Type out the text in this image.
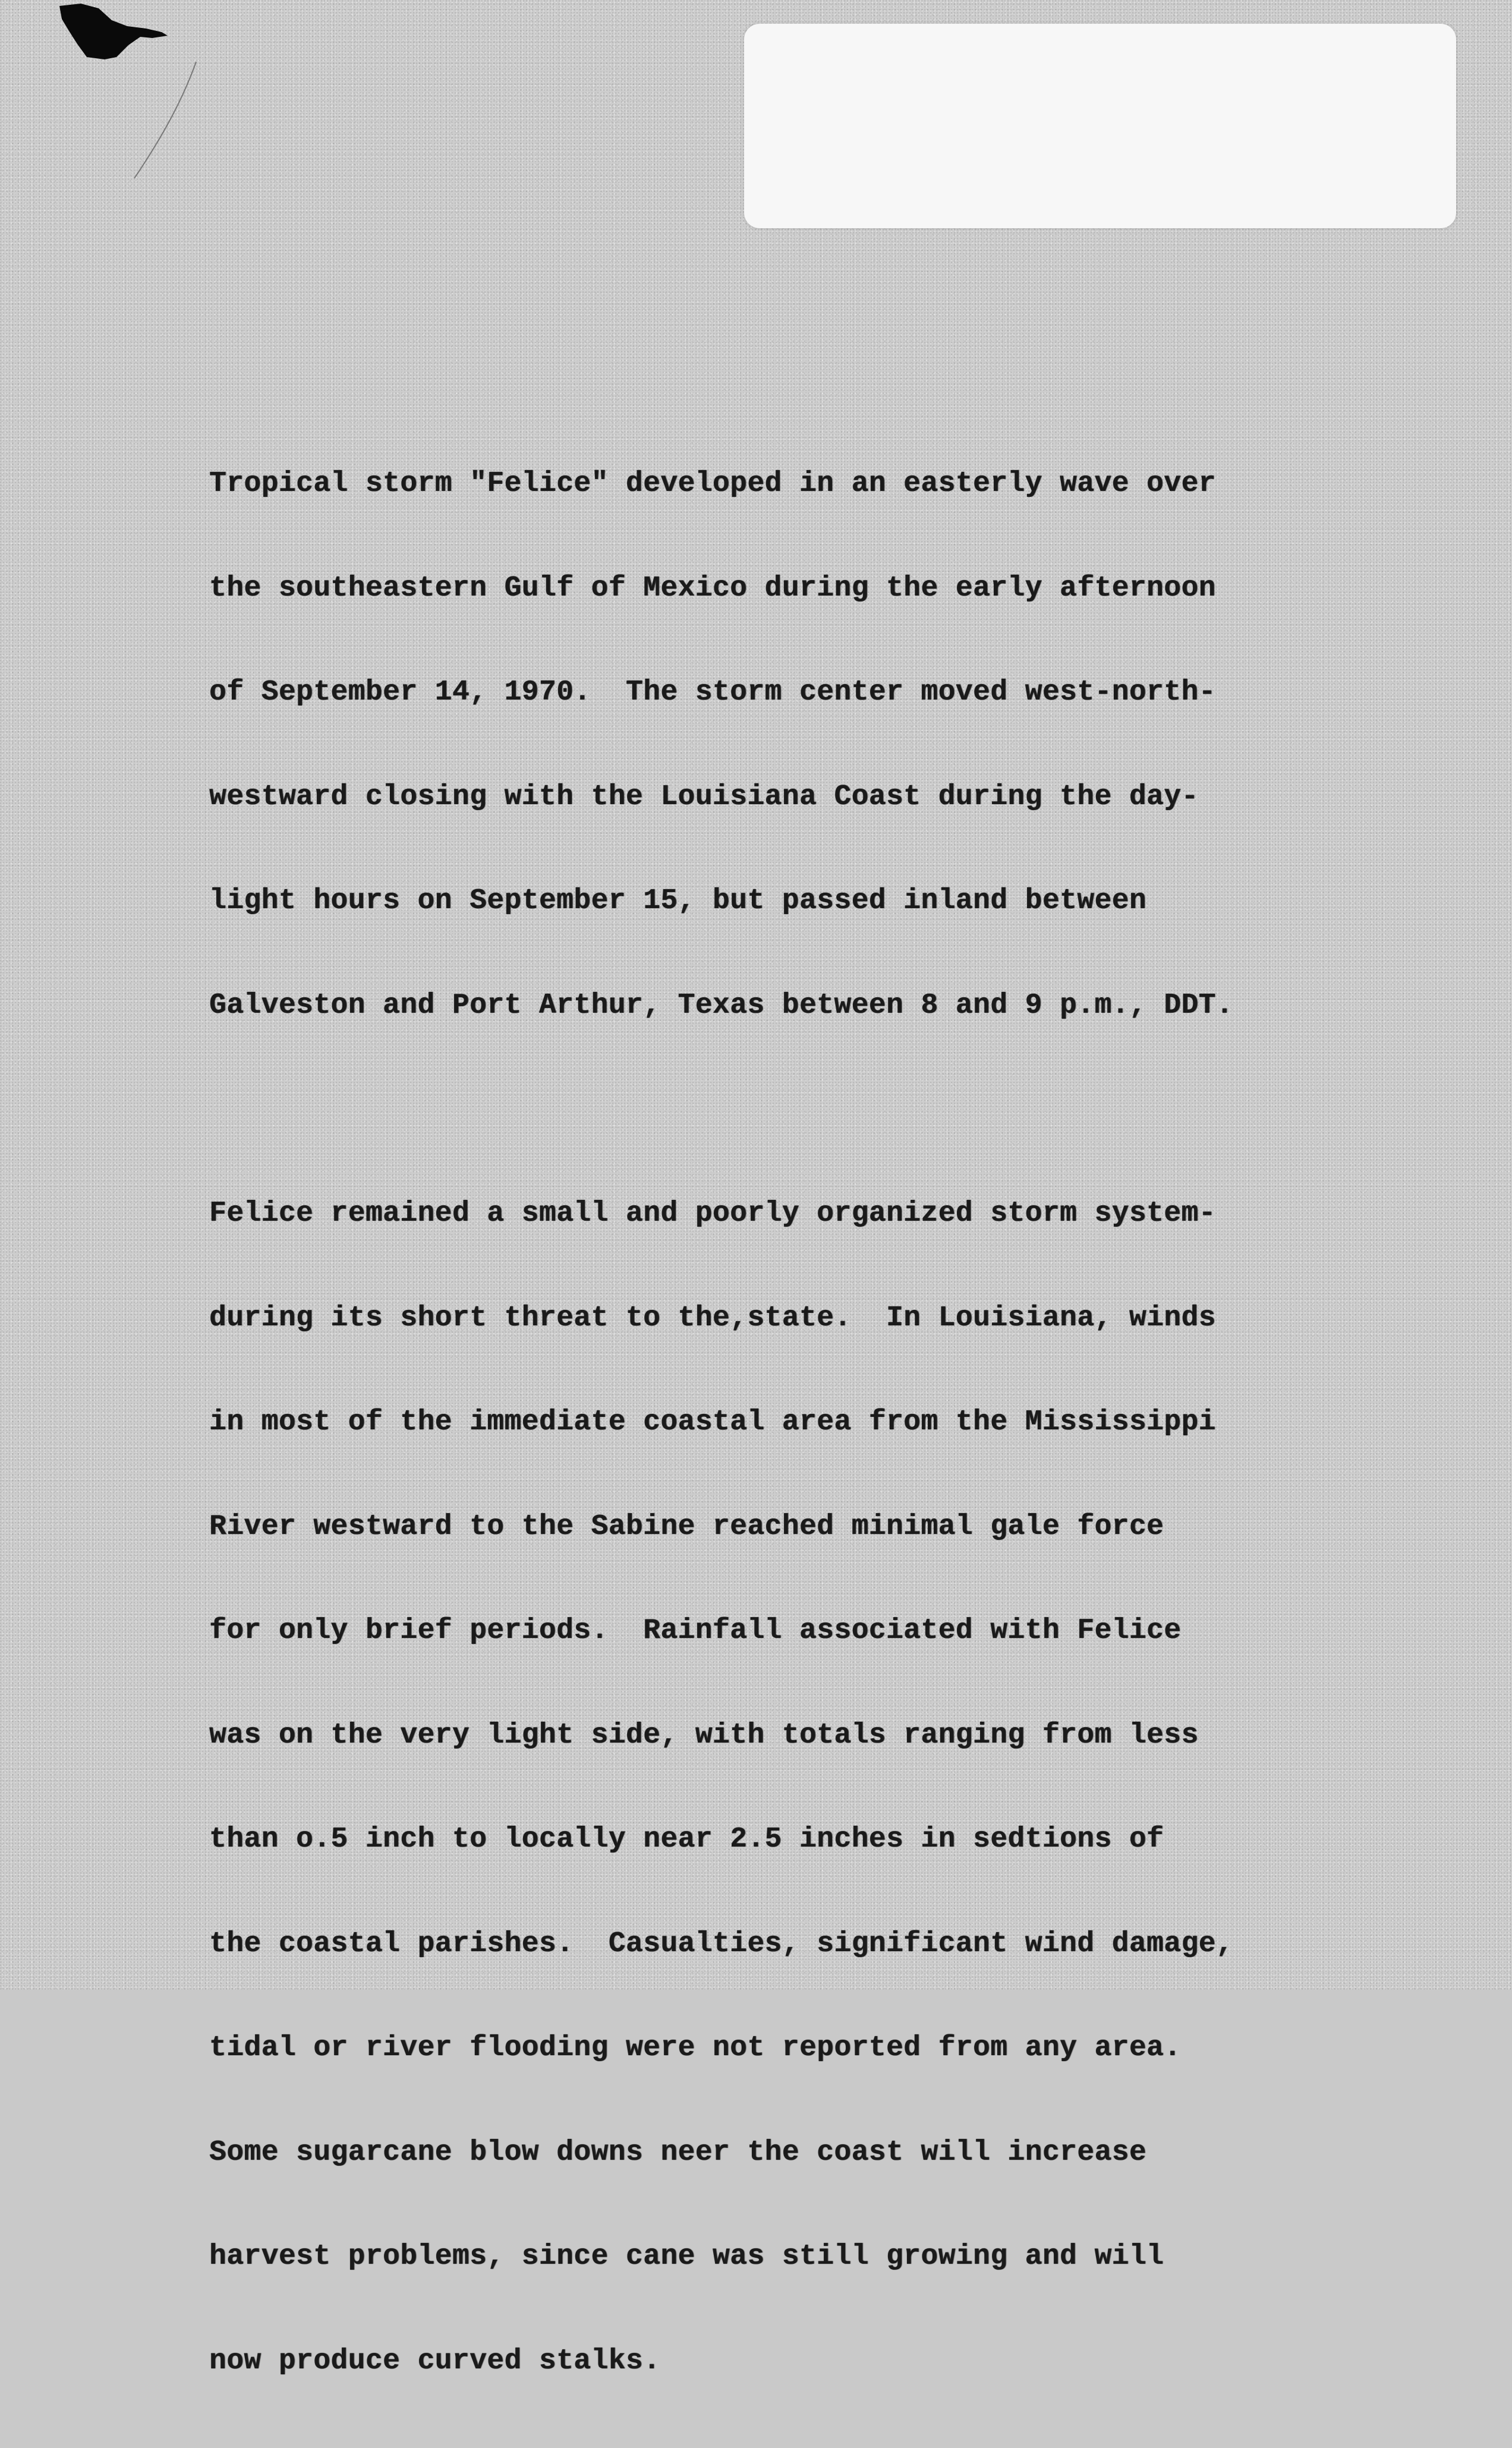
Tropical storm "Felice" developed in an easterly wave over

the southeastern Gulf of Mexico during the early afternoon

of September 14, 1970.  The storm center moved west-north-

westward closing with the Louisiana Coast during the day-

light hours on September 15, but passed inland between

Galveston and Port Arthur, Texas between 8 and 9 p.m., DDT.

Felice remained a small and poorly organized storm system-

during its short threat to the,state.  In Louisiana, winds

in most of the immediate coastal area from the Mississippi

River westward to the Sabine reached minimal gale force

for only brief periods.  Rainfall associated with Felice

was on the very light side, with totals ranging from less

than o.5 inch to locally near 2.5 inches in sedtions of

the coastal parishes.  Casualties, significant wind damage,

tidal or river flooding were not reported from any area.

Some sugarcane blow downs neer the coast will increase

harvest problems, since cane was still growing and will

now produce curved stalks.
